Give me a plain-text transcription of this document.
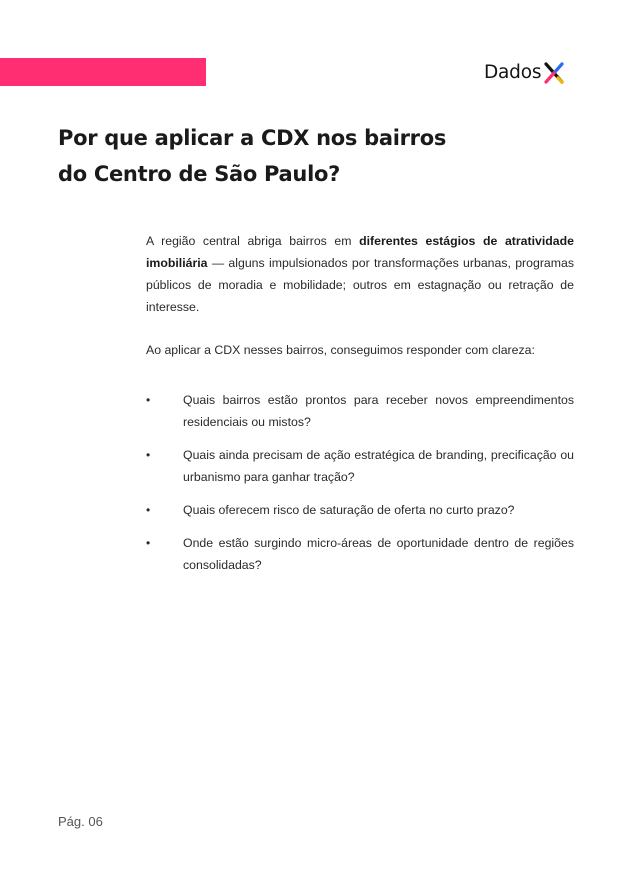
Dados
Por que aplicar a CDX nos bairros
do Centro de São Paulo?

A região central abriga bairros em diferentes estágios de atratividade imobiliária — alguns impulsionados por transformações urbanas, programas públicos de moradia e mobilidade; outros em estagnação ou retração de interesse.

Ao aplicar a CDX nesses bairros, conseguimos responder com clareza:

•	Quais bairros estão prontos para receber novos empreendimentos residenciais ou mistos?
•	Quais ainda precisam de ação estratégica de branding, precificação ou urbanismo para ganhar tração?
•	Quais oferecem risco de saturação de oferta no curto prazo?
•	Onde estão surgindo micro-áreas de oportunidade dentro de regiões consolidadas?
Pág. 06
